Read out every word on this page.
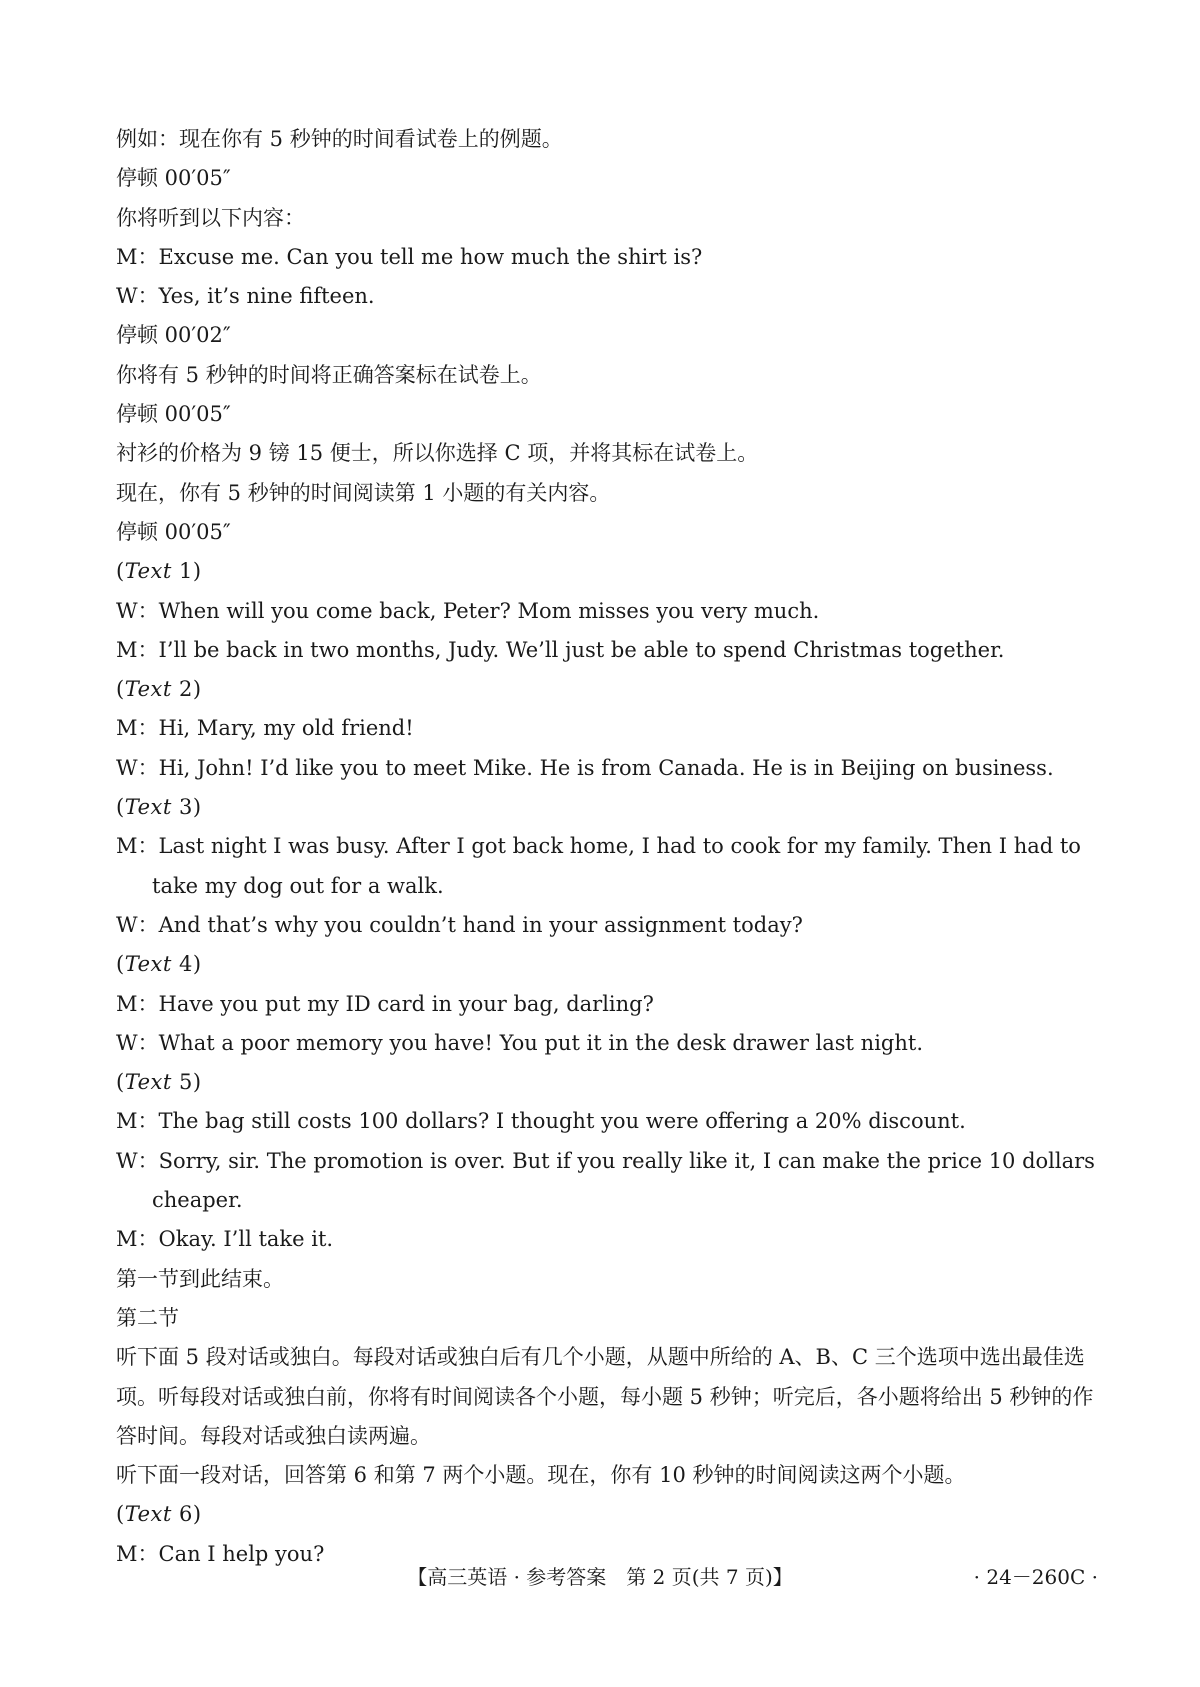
例如：现在你有 5 秒钟的时间看试卷上的例题。
停顿 00′05″
你将听到以下内容：
M：Excuse me. Can you tell me how much the shirt is?
W：Yes, it’s nine fifteen.
停顿 00′02″
你将有 5 秒钟的时间将正确答案标在试卷上。
停顿 00′05″
衬衫的价格为 9 镑 15 便士，所以你选择 C 项，并将其标在试卷上。
现在，你有 5 秒钟的时间阅读第 1 小题的有关内容。
停顿 00′05″
(Text 1)
W：When will you come back, Peter? Mom misses you very much.
M：I’ll be back in two months, Judy. We’ll just be able to spend Christmas together.
(Text 2)
M：Hi, Mary, my old friend!
W：Hi, John! I’d like you to meet Mike. He is from Canada. He is in Beijing on business.
(Text 3)
M：Last night I was busy. After I got back home, I had to cook for my family. Then I had to take my dog out for a walk.
W：And that’s why you couldn’t hand in your assignment today?
(Text 4)
M：Have you put my ID card in your bag, darling?
W：What a poor memory you have! You put it in the desk drawer last night.
(Text 5)
M：The bag still costs 100 dollars? I thought you were offering a 20% discount.
W：Sorry, sir. The promotion is over. But if you really like it, I can make the price 10 dollars cheaper.
M：Okay. I’ll take it.
第一节到此结束。
第二节
听下面 5 段对话或独白。每段对话或独白后有几个小题，从题中所给的 A、B、C 三个选项中选出最佳选项。听每段对话或独白前，你将有时间阅读各个小题，每小题 5 秒钟；听完后，各小题将给出 5 秒钟的作答时间。每段对话或独白读两遍。
听下面一段对话，回答第 6 和第 7 两个小题。现在，你有 10 秒钟的时间阅读这两个小题。
(Text 6)
M：Can I help you?
【高三英语 · 参考答案　第 2 页(共 7 页)】	· 24－260C ·
